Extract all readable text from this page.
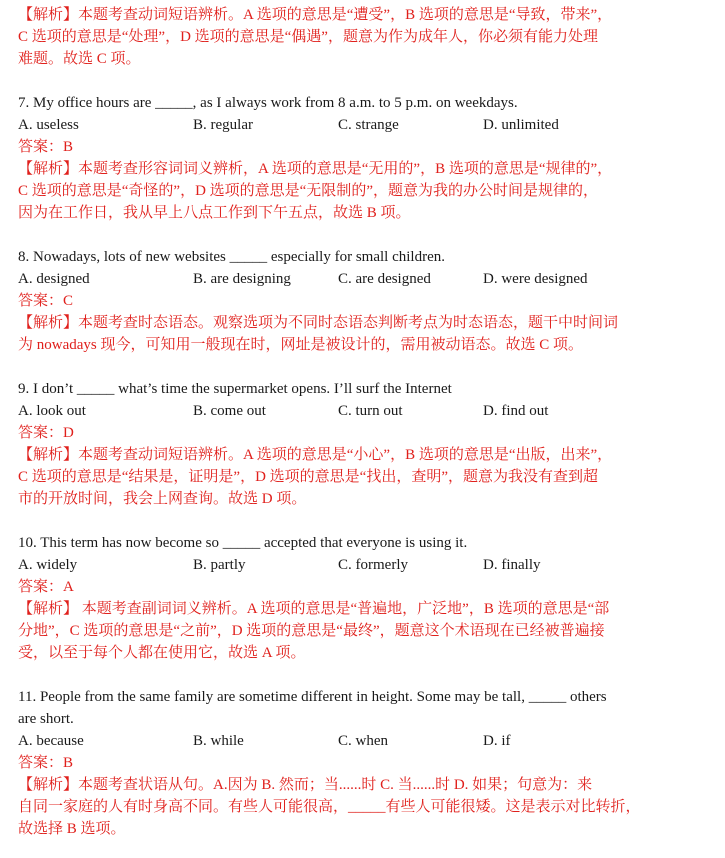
【解析】本题考查动词短语辨析。A 选项的意思是“遭受”，B 选项的意思是“导致，带来”，
C 选项的意思是“处理”，D 选项的意思是“偶遇”，题意为作为成年人，你必须有能力处理
难题。故选 C 项。
7. My office hours are _____, as I always work from 8 a.m. to 5 p.m. on weekdays.
A. useless	B. regular	C. strange	D. unlimited
答案：B
【解析】本题考查形容词词义辨析，A 选项的意思是“无用的”，B 选项的意思是“规律的”，
C 选项的意思是“奇怪的”，D 选项的意思是“无限制的”，题意为我的办公时间是规律的，
因为在工作日，我从早上八点工作到下午五点，故选 B 项。
8. Nowadays, lots of new websites _____ especially for small children.
A. designed	B. are designing	C. are designed	D. were designed
答案：C
【解析】本题考查时态语态。观察选项为不同时态语态判断考点为时态语态，题干中时间词
为 nowadays 现今，可知用一般现在时，网址是被设计的，需用被动语态。故选 C 项。
9. I don’t _____ what’s time the supermarket opens. I’ll surf the Internet
A. look out	B. come out	C. turn out	D. find out
答案：D
【解析】本题考查动词短语辨析。A 选项的意思是“小心”，B 选项的意思是“出版，出来”，
C 选项的意思是“结果是，证明是”，D 选项的意思是“找出，查明”，题意为我没有查到超
市的开放时间，我会上网查询。故选 D 项。
10. This term has now become so _____ accepted that everyone is using it.
A. widely	B. partly	C. formerly	D. finally
答案：A
【解析】 本题考查副词词义辨析。A 选项的意思是“普遍地，广泛地”，B 选项的意思是“部
分地”，C 选项的意思是“之前”，D 选项的意思是“最终”，题意这个术语现在已经被普遍接
受，以至于每个人都在使用它，故选 A 项。
11. People from the same family are sometime different in height. Some may be tall, _____ others
are short.
A. because	B. while	C. when	D. if
答案：B
【解析】本题考查状语从句。A.因为 B. 然而；当......时 C. 当......时 D. 如果；句意为：来
自同一家庭的人有时身高不同。有些人可能很高，_____有些人可能很矮。这是表示对比转折，
故选择 B 选项。
